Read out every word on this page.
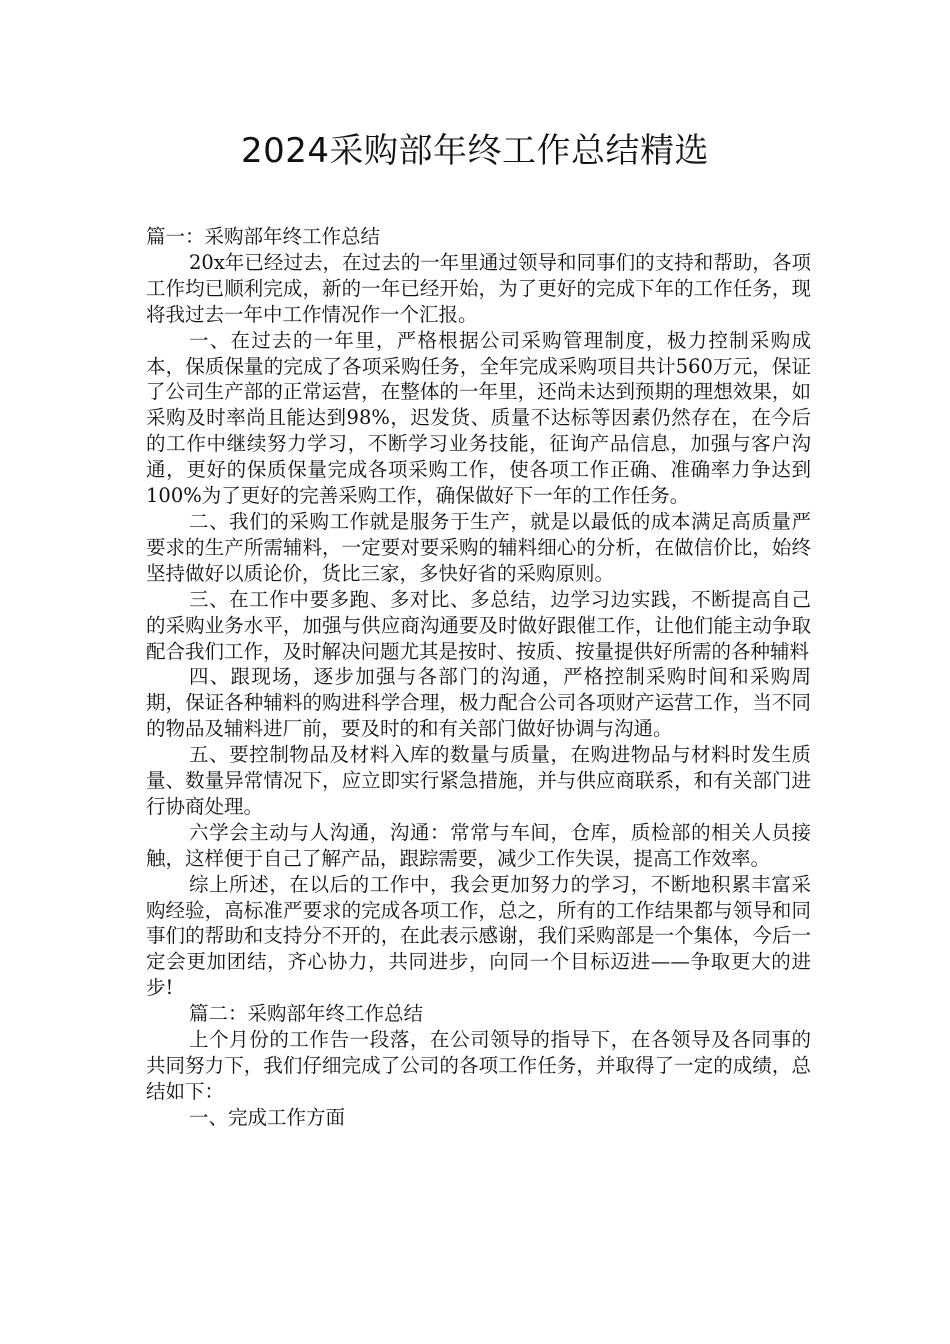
2024采购部年终工作总结精选

篇一：采购部年终工作总结

20x年已经过去，在过去的一年里通过领导和同事们的支持和帮助，各项工作均已顺利完成，新的一年已经开始，为了更好的完成下年的工作任务，现将我过去一年中工作情况作一个汇报。

一、在过去的一年里，严格根据公司采购管理制度，极力控制采购成本，保质保量的完成了各项采购任务，全年完成采购项目共计560万元，保证了公司生产部的正常运营，在整体的一年里，还尚未达到预期的理想效果，如采购及时率尚且能达到98%，迟发货、质量不达标等因素仍然存在，在今后的工作中继续努力学习，不断学习业务技能，征询产品信息，加强与客户沟通，更好的保质保量完成各项采购工作，使各项工作正确、准确率力争达到100%为了更好的完善采购工作，确保做好下一年的工作任务。

二、我们的采购工作就是服务于生产，就是以最低的成本满足高质量严要求的生产所需辅料，一定要对要采购的辅料细心的分析，在做信价比，始终坚持做好以质论价，货比三家，多快好省的采购原则。

三、在工作中要多跑、多对比、多总结，边学习边实践，不断提高自己的采购业务水平，加强与供应商沟通要及时做好跟催工作，让他们能主动争取配合我们工作，及时解决问题尤其是按时、按质、按量提供好所需的各种辅料

四、跟现场，逐步加强与各部门的沟通，严格控制采购时间和采购周期，保证各种辅料的购进科学合理，极力配合公司各项财产运营工作，当不同的物品及辅料进厂前，要及时的和有关部门做好协调与沟通。

五、要控制物品及材料入库的数量与质量，在购进物品与材料时发生质量、数量异常情况下，应立即实行紧急措施，并与供应商联系，和有关部门进行协商处理。

六学会主动与人沟通，沟通：常常与车间，仓库，质检部的相关人员接触，这样便于自己了解产品，跟踪需要，减少工作失误，提高工作效率。

综上所述，在以后的工作中，我会更加努力的学习，不断地积累丰富采购经验，高标准严要求的完成各项工作，总之，所有的工作结果都与领导和同事们的帮助和支持分不开的，在此表示感谢，我们采购部是一个集体，今后一定会更加团结，齐心协力，共同进步，向同一个目标迈进——争取更大的进步!

篇二：采购部年终工作总结

上个月份的工作告一段落，在公司领导的指导下，在各领导及各同事的共同努力下，我们仔细完成了公司的各项工作任务，并取得了一定的成绩，总结如下：

一、完成工作方面
